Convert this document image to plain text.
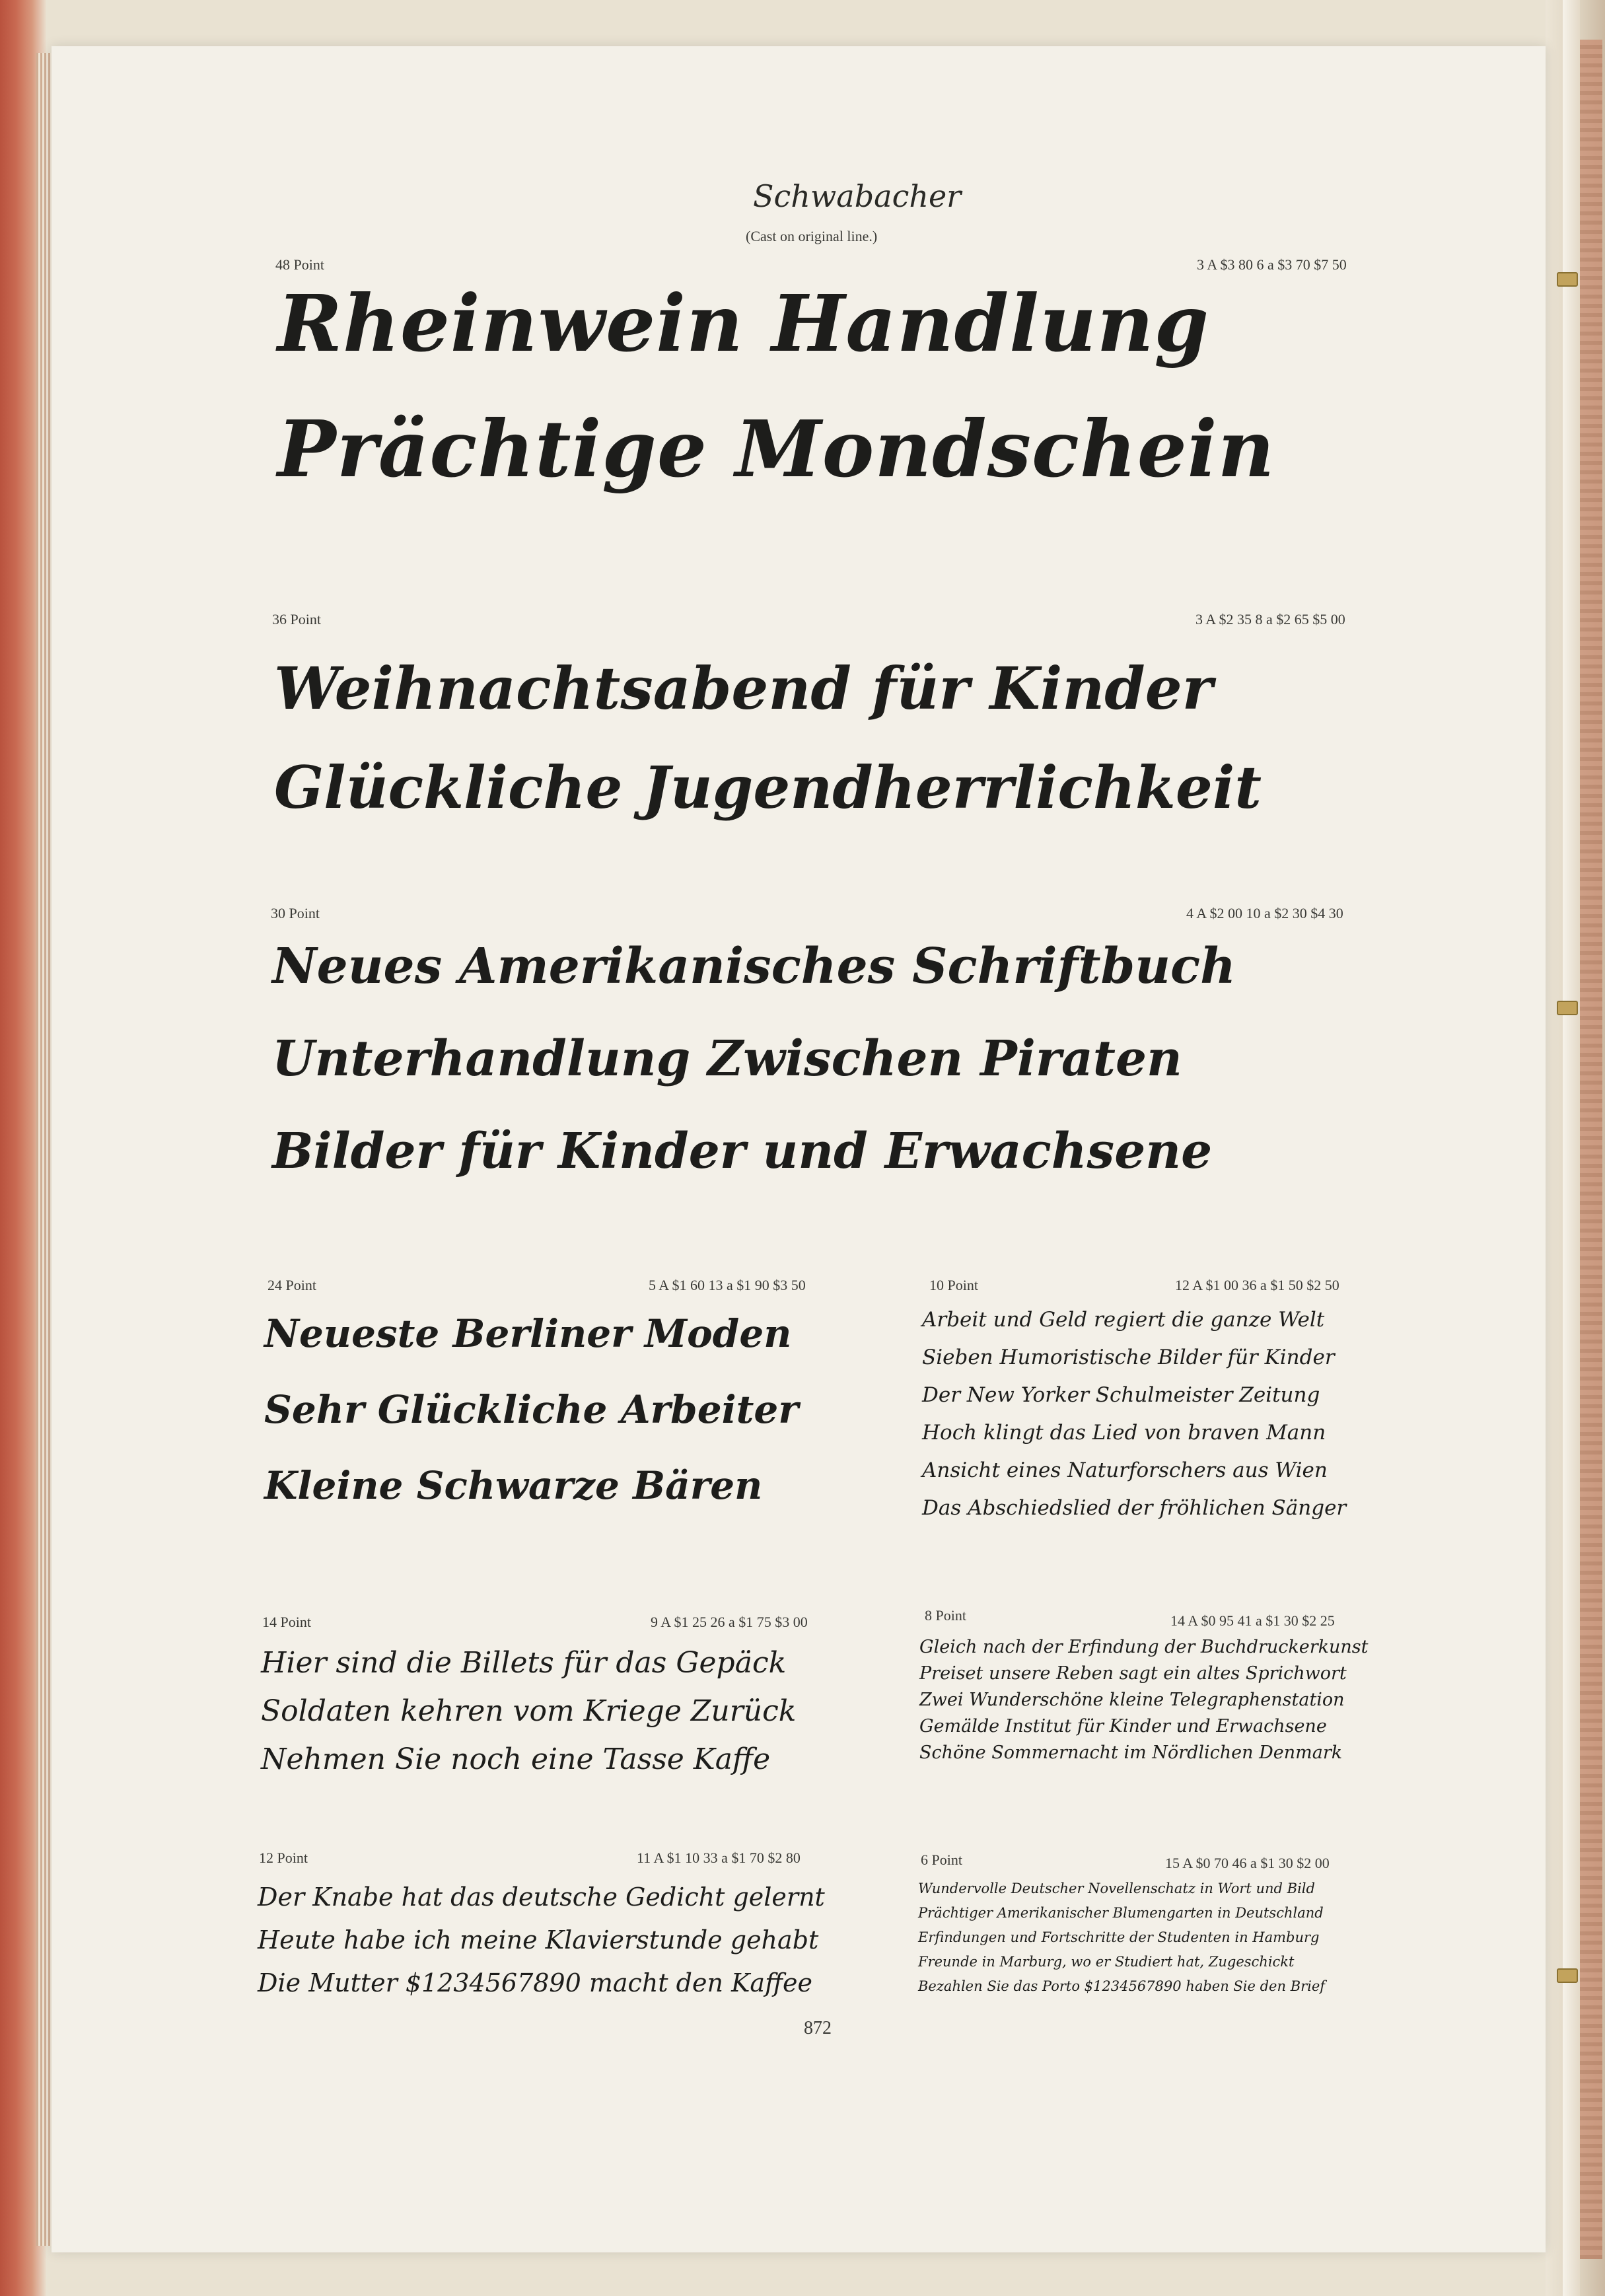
Schwabacher

(Cast on original line.)

48 Point	3 A $3 80 6 a $3 70 $7 50

Rheinwein Handlung

Prächtige Mondschein

36 Point	3 A $2 35 8 a $2 65 $5 00

Weihnachtsabend für Kinder

Glückliche Jugendherrlichkeit

30 Point	4 A $2 00 10 a $2 30 $4 30

Neues Amerikanisches Schriftbuch

Unterhandlung Zwischen Piraten

Bilder für Kinder und Erwachsene

24 Point	5 A $1 60 13 a $1 90 $3 50

Neueste Berliner Moden

Sehr Glückliche Arbeiter

Kleine Schwarze Bären

10 Point	12 A $1 00 36 a $1 50 $2 50

Arbeit und Geld regiert die ganze Welt

Sieben Humoristische Bilder für Kinder

Der New Yorker Schulmeister Zeitung

Hoch klingt das Lied von braven Mann

Ansicht eines Naturforschers aus Wien

Das Abschiedslied der fröhlichen Sänger

14 Point	9 A $1 25 26 a $1 75 $3 00

Hier sind die Billets für das Gepäck

Soldaten kehren vom Kriege Zurück

Nehmen Sie noch eine Tasse Kaffe

8 Point	14 A $0 95 41 a $1 30 $2 25

Gleich nach der Erfindung der Buchdruckerkunst

Preiset unsere Reben sagt ein altes Sprichwort

Zwei Wunderschöne kleine Telegraphenstation

Gemälde Institut für Kinder und Erwachsene

Schöne Sommernacht im Nördlichen Denmark

12 Point	11 A $1 10 33 a $1 70 $2 80

Der Knabe hat das deutsche Gedicht gelernt

Heute habe ich meine Klavierstunde gehabt

Die Mutter $1234567890 macht den Kaffee

6 Point	15 A $0 70 46 a $1 30 $2 00

Wundervolle Deutscher Novellenschatz in Wort und Bild

Prächtiger Amerikanischer Blumengarten in Deutschland

Erfindungen und Fortschritte der Studenten in Hamburg

Freunde in Marburg, wo er Studiert hat, Zugeschickt

Bezahlen Sie das Porto $1234567890 haben Sie den Brief

872
